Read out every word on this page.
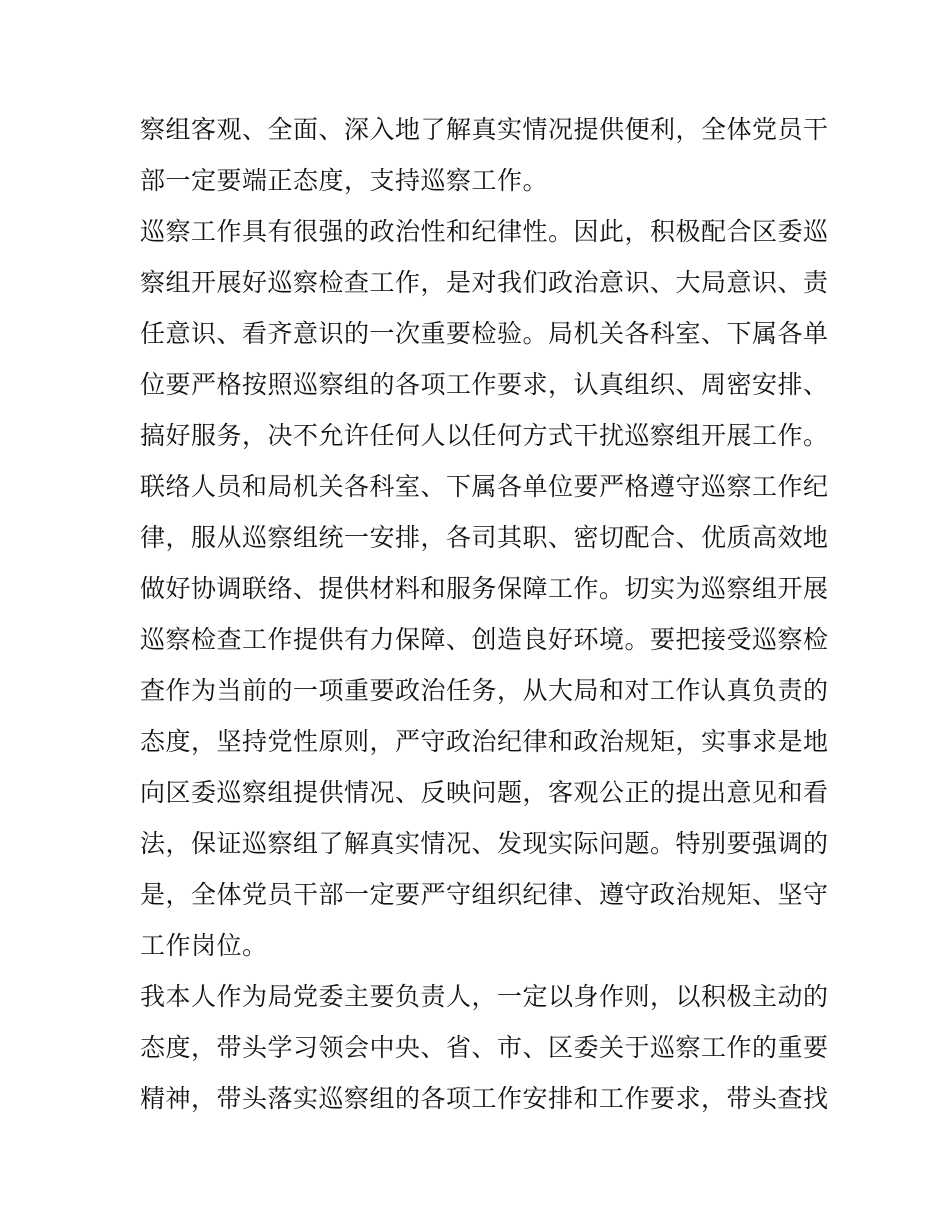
察组客观、全面、深入地了解真实情况提供便利，全体党员干
部一定要端正态度，支持巡察工作。
巡察工作具有很强的政治性和纪律性。因此，积极配合区委巡
察组开展好巡察检查工作，是对我们政治意识、大局意识、责
任意识、看齐意识的一次重要检验。局机关各科室、下属各单
位要严格按照巡察组的各项工作要求，认真组织、周密安排、
搞好服务，决不允许任何人以任何方式干扰巡察组开展工作。
联络人员和局机关各科室、下属各单位要严格遵守巡察工作纪
律，服从巡察组统一安排，各司其职、密切配合、优质高效地
做好协调联络、提供材料和服务保障工作。切实为巡察组开展
巡察检查工作提供有力保障、创造良好环境。要把接受巡察检
查作为当前的一项重要政治任务，从大局和对工作认真负责的
态度，坚持党性原则，严守政治纪律和政治规矩，实事求是地
向区委巡察组提供情况、反映问题，客观公正的提出意见和看
法，保证巡察组了解真实情况、发现实际问题。特别要强调的
是，全体党员干部一定要严守组织纪律、遵守政治规矩、坚守
工作岗位。
我本人作为局党委主要负责人，一定以身作则，以积极主动的
态度，带头学习领会中央、省、市、区委关于巡察工作的重要
精神，带头落实巡察组的各项工作安排和工作要求，带头查找
